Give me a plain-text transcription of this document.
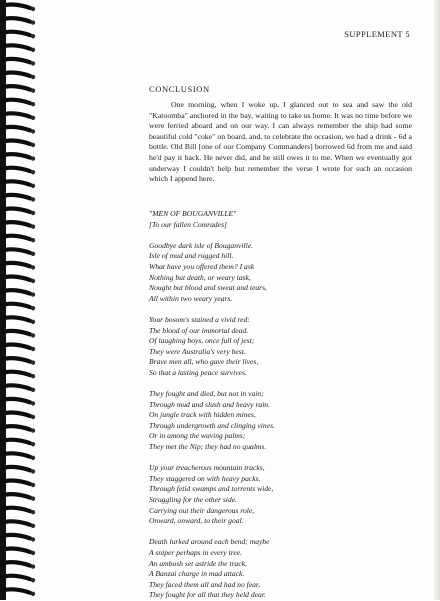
SUPPLEMENT 5
CONCLUSION

One morning, when I woke up, I glanced out to sea and saw the old "Katoomba" anchored in the bay, waiting to take us home. It was no time before we were ferried aboard and on our way. I can always remember the ship had some beautiful cold "coke" on board, and, to celebrate the occasion, we had a drink - 6d a bottle. Old Bill [one of our Company Commanders] borrowed 6d from me and said he'd pay it back. He never did, and he still owes it to me. When we eventually got underway I couldn't help but remember the verse I wrote for such an occasion which I append here.

"MEN OF BOUGANVILLE"
[To our fallen Comrades]
Goodbye dark isle of Bouganville.
Isle of mud and rugged hill.
What have you offered them? I ask
Nothing but death, or weary task,
Nought but blood and sweat and tears,
All within two weary years.
Your bosom's stained a vivid red:
The blood of our immortal dead.
Of laughing boys, once full of jest;
They were Australia's very best.
Brave men all, who gave their lives,
So that a lasting peace survives.
They fought and died, but not in vain;
Through mud and slush and heavy rain.
On jungle track with hidden mines,
Through undergrowth and clinging vines.
Or in among the waving palms;
They met the Nip; they had no qualms.
Up your treacherous mountain tracks,
They staggered on with heavy packs.
Through fetid swamps and torrents wide,
Struggling for the other side.
Carrying out their dangerous role,
Onward, onward, to their goal.
Death lurked around each bend; maybe
A sniper perhaps in every tree.
An ambush set astride the track,
A Banzai charge in mad attack.
They faced them all and had no fear,
They fought for all that they held dear.
